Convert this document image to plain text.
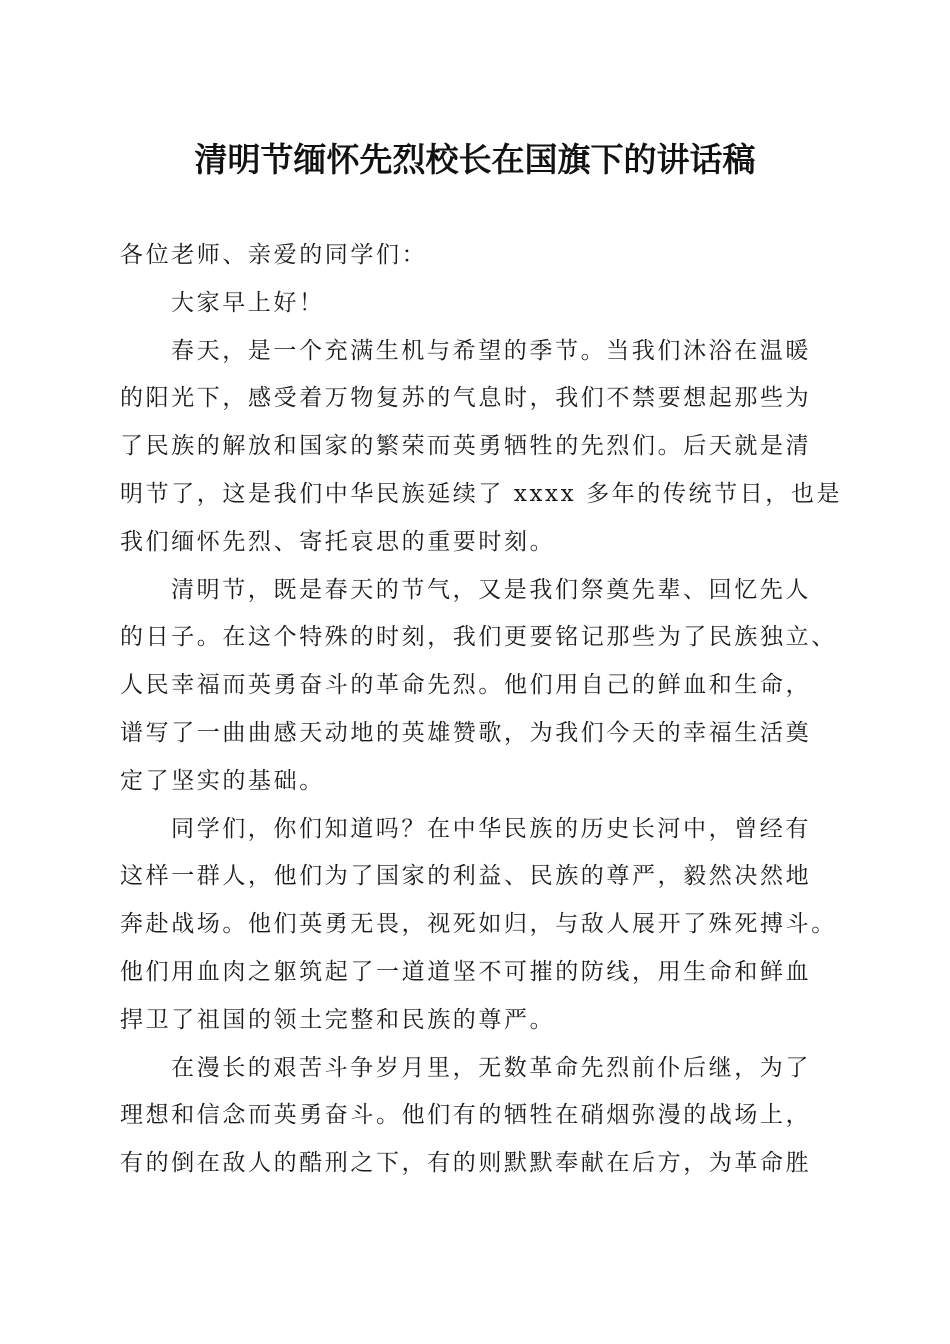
清明节缅怀先烈校长在国旗下的讲话稿
各位老师、亲爱的同学们：
大家早上好！
春天，是一个充满生机与希望的季节。当我们沐浴在温暖
的阳光下，感受着万物复苏的气息时，我们不禁要想起那些为
了民族的解放和国家的繁荣而英勇牺牲的先烈们。后天就是清
明节了，这是我们中华民族延续了 xxxx 多年的传统节日，也是
我们缅怀先烈、寄托哀思的重要时刻。
清明节，既是春天的节气，又是我们祭奠先辈、回忆先人
的日子。在这个特殊的时刻，我们更要铭记那些为了民族独立、
人民幸福而英勇奋斗的革命先烈。他们用自己的鲜血和生命，
谱写了一曲曲感天动地的英雄赞歌，为我们今天的幸福生活奠
定了坚实的基础。
同学们，你们知道吗？在中华民族的历史长河中，曾经有
这样一群人，他们为了国家的利益、民族的尊严，毅然决然地
奔赴战场。他们英勇无畏，视死如归，与敌人展开了殊死搏斗。
他们用血肉之躯筑起了一道道坚不可摧的防线，用生命和鲜血
捍卫了祖国的领土完整和民族的尊严。
在漫长的艰苦斗争岁月里，无数革命先烈前仆后继，为了
理想和信念而英勇奋斗。他们有的牺牲在硝烟弥漫的战场上，
有的倒在敌人的酷刑之下，有的则默默奉献在后方，为革命胜
